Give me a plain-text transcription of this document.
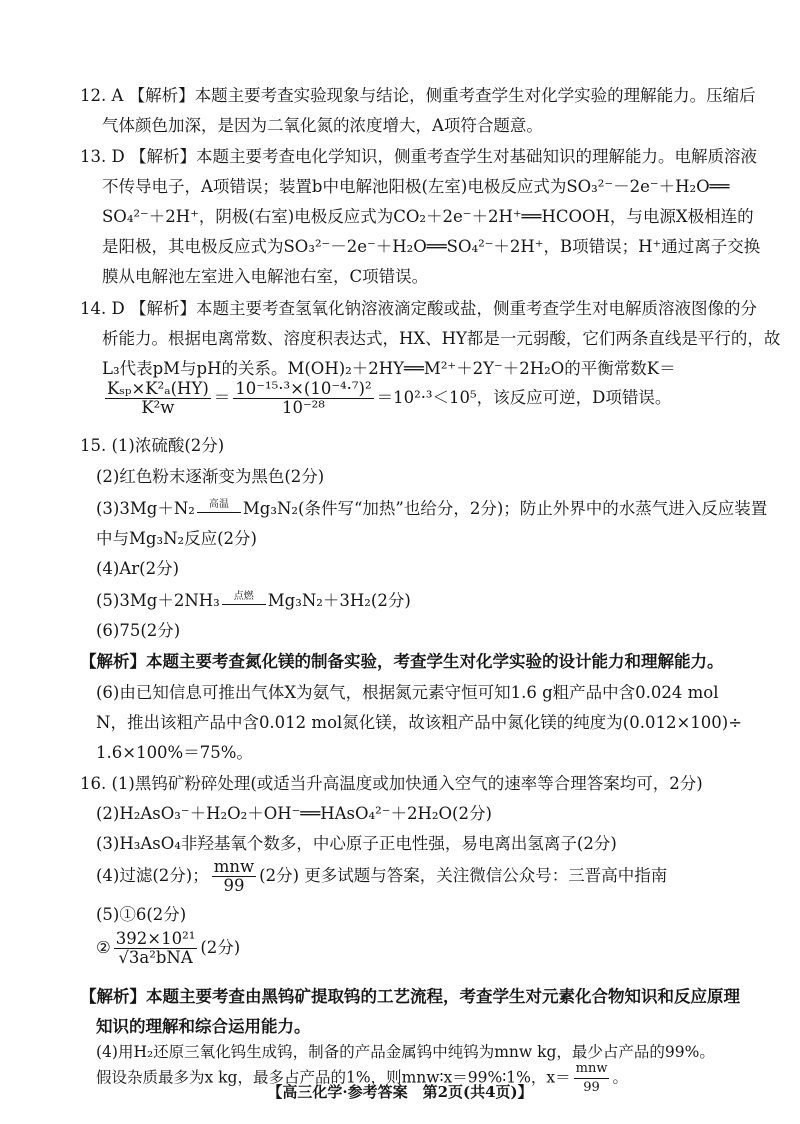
12. A 【解析】本题主要考查实验现象与结论，侧重考查学生对化学实验的理解能力。压缩后
气体颜色加深，是因为二氧化氮的浓度增大，A项符合题意。
13. D 【解析】本题主要考查电化学知识，侧重考查学生对基础知识的理解能力。电解质溶液
不传导电子，A项错误；装置b中电解池阳极(左室)电极反应式为SO₃²⁻－2e⁻＋H₂O══
SO₄²⁻＋2H⁺，阴极(右室)电极反应式为CO₂＋2e⁻＋2H⁺══HCOOH，与电源X极相连的
是阳极，其电极反应式为SO₃²⁻－2e⁻＋H₂O══SO₄²⁻＋2H⁺，B项错误；H⁺通过离子交换
膜从电解池左室进入电解池右室，C项错误。
14. D 【解析】本题主要考查氢氧化钠溶液滴定酸或盐，侧重考查学生对电解质溶液图像的分
析能力。根据电离常数、溶度积表达式，HX、HY都是一元弱酸，它们两条直线是平行的，故
L₃代表pM与pH的关系。M(OH)₂＋2HY══M²⁺＋2Y⁻＋2H₂O的平衡常数K＝
$\frac{\text{Kₛₚ×K²ₐ(HY)}}{\text{K²w}} = \frac{\text{10⁻¹⁵·³×(10⁻⁴·⁷)²}}{\text{10⁻²⁸}} =10^2\cdot^3<10^5$，该反应可逆，D项错误。
15. (1)浓硫酸(2分)
(2)红色粉末逐渐变为黑色(2分)
(3)3Mg＋N₂	高温 Mg₃N₂(条件写“加热”也给分，2分)；防止外界中的水蒸气进入反应装置
中与Mg₃N₂反应(2分)
(4)Ar(2分)
(5)3Mg＋2NH₃	点燃 Mg₃N₂＋3H₂(2分)
(6)75(2分)
【解析】本题主要考查氮化镁的制备实验，考查学生对化学实验的设计能力和理解能力。
(6)由已知信息可推出气体X为氨气，根据氮元素守恒可知1.6 g粗产品中含0.024 mol
N，推出该粗产品中含0.012 mol氮化镁，故该粗产品中氮化镁的纯度为(0.012×100)÷
1.6×100%＝75%。
16. (1)黑钨矿粉碎处理(或适当升高温度或加快通入空气的速率等合理答案均可，2分)
(2)H₂AsO₃⁻＋H₂O₂＋OH⁻══HAsO₄²⁻＋2H₂O(2分)
(3)H₃AsO₄非羟基氧个数多，中心原子正电性强，易电离出氢离子(2分)
(4)过滤(2分)； $\frac{\text{mnw}}{99} (2$分) 更多试题与答案，关注微信公众号：三晋高中指南
(5)①6(2分)
② $\frac{\text{392×10²¹}}{\text{√3a²bNA}} (2$分)
【解析】本题主要考查由黑钨矿提取钨的工艺流程，考查学生对元素化合物知识和反应原理
知识的理解和综合运用能力。
(4)用H₂还原三氧化钨生成钨，制备的产品金属钨中纯钨为mnw kg，最少占产品的99%。
假设杂质最多为x kg，最多占产品的1%，则mnw∶x＝99%∶1%，$x= \frac{\text{mnw}}{99}$ 。
【高三化学·参考答案　第2页(共4页)】
